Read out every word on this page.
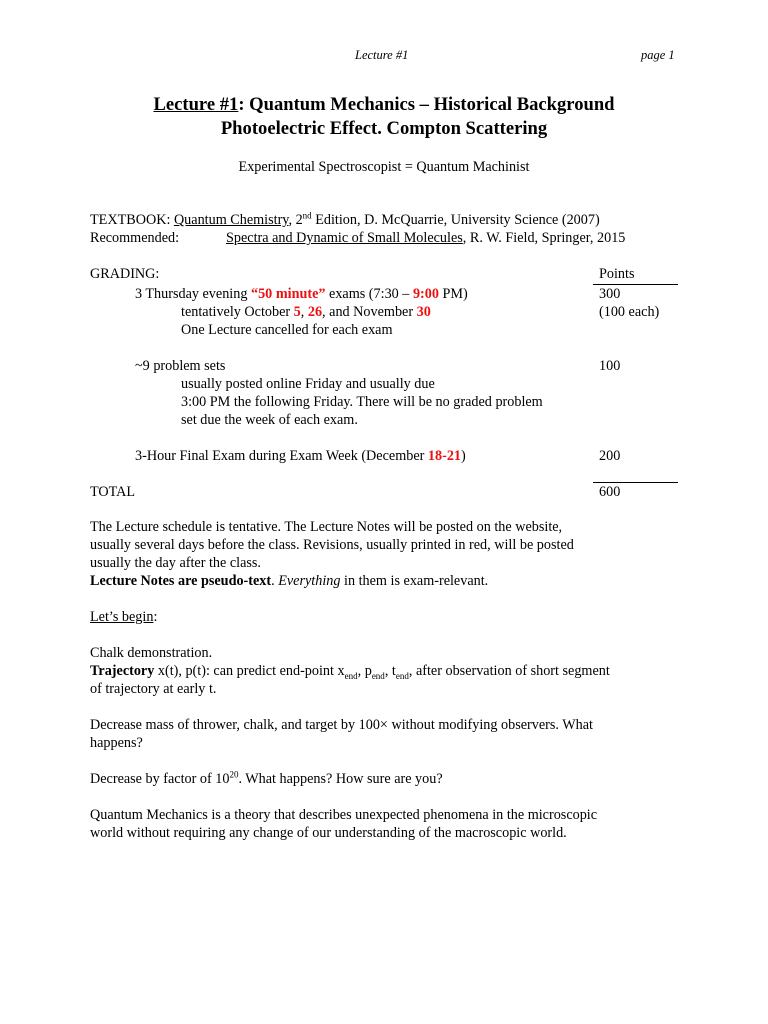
Lecture #1	page 1
Lecture #1: Quantum Mechanics – Historical Background
Photoelectric Effect. Compton Scattering
Experimental Spectroscopist = Quantum Machinist
TEXTBOOK: Quantum Chemistry, 2nd Edition, D. McQuarrie, University Science (2007)
Recommended:	Spectra and Dynamic of Small Molecules, R. W. Field, Springer, 2015
GRADING:	Points
3 Thursday evening “50 minute” exams (7:30 – 9:00 PM)	300
tentatively October 5, 26, and November 30	(100 each)
One Lecture cancelled for each exam
~9 problem sets	100
usually posted online Friday and usually due
3:00 PM the following Friday. There will be no graded problem
set due the week of each exam.
3-Hour Final Exam during Exam Week (December 18-21)	200
TOTAL	600
The Lecture schedule is tentative. The Lecture Notes will be posted on the website,
usually several days before the class. Revisions, usually printed in red, will be posted
usually the day after the class.
Lecture Notes are pseudo-text. Everything in them is exam-relevant.
Let’s begin:
Chalk demonstration.
Trajectory x(t), p(t): can predict end-point $x_{end}$, $p_{end}$, $t_{end}$, after observation of short segment
of trajectory at early t.
Decrease mass of thrower, chalk, and target by 100× without modifying observers. What
happens?
Decrease by factor of $10^{20}$. What happens? How sure are you?
Quantum Mechanics is a theory that describes unexpected phenomena in the microscopic
world without requiring any change of our understanding of the macroscopic world.
